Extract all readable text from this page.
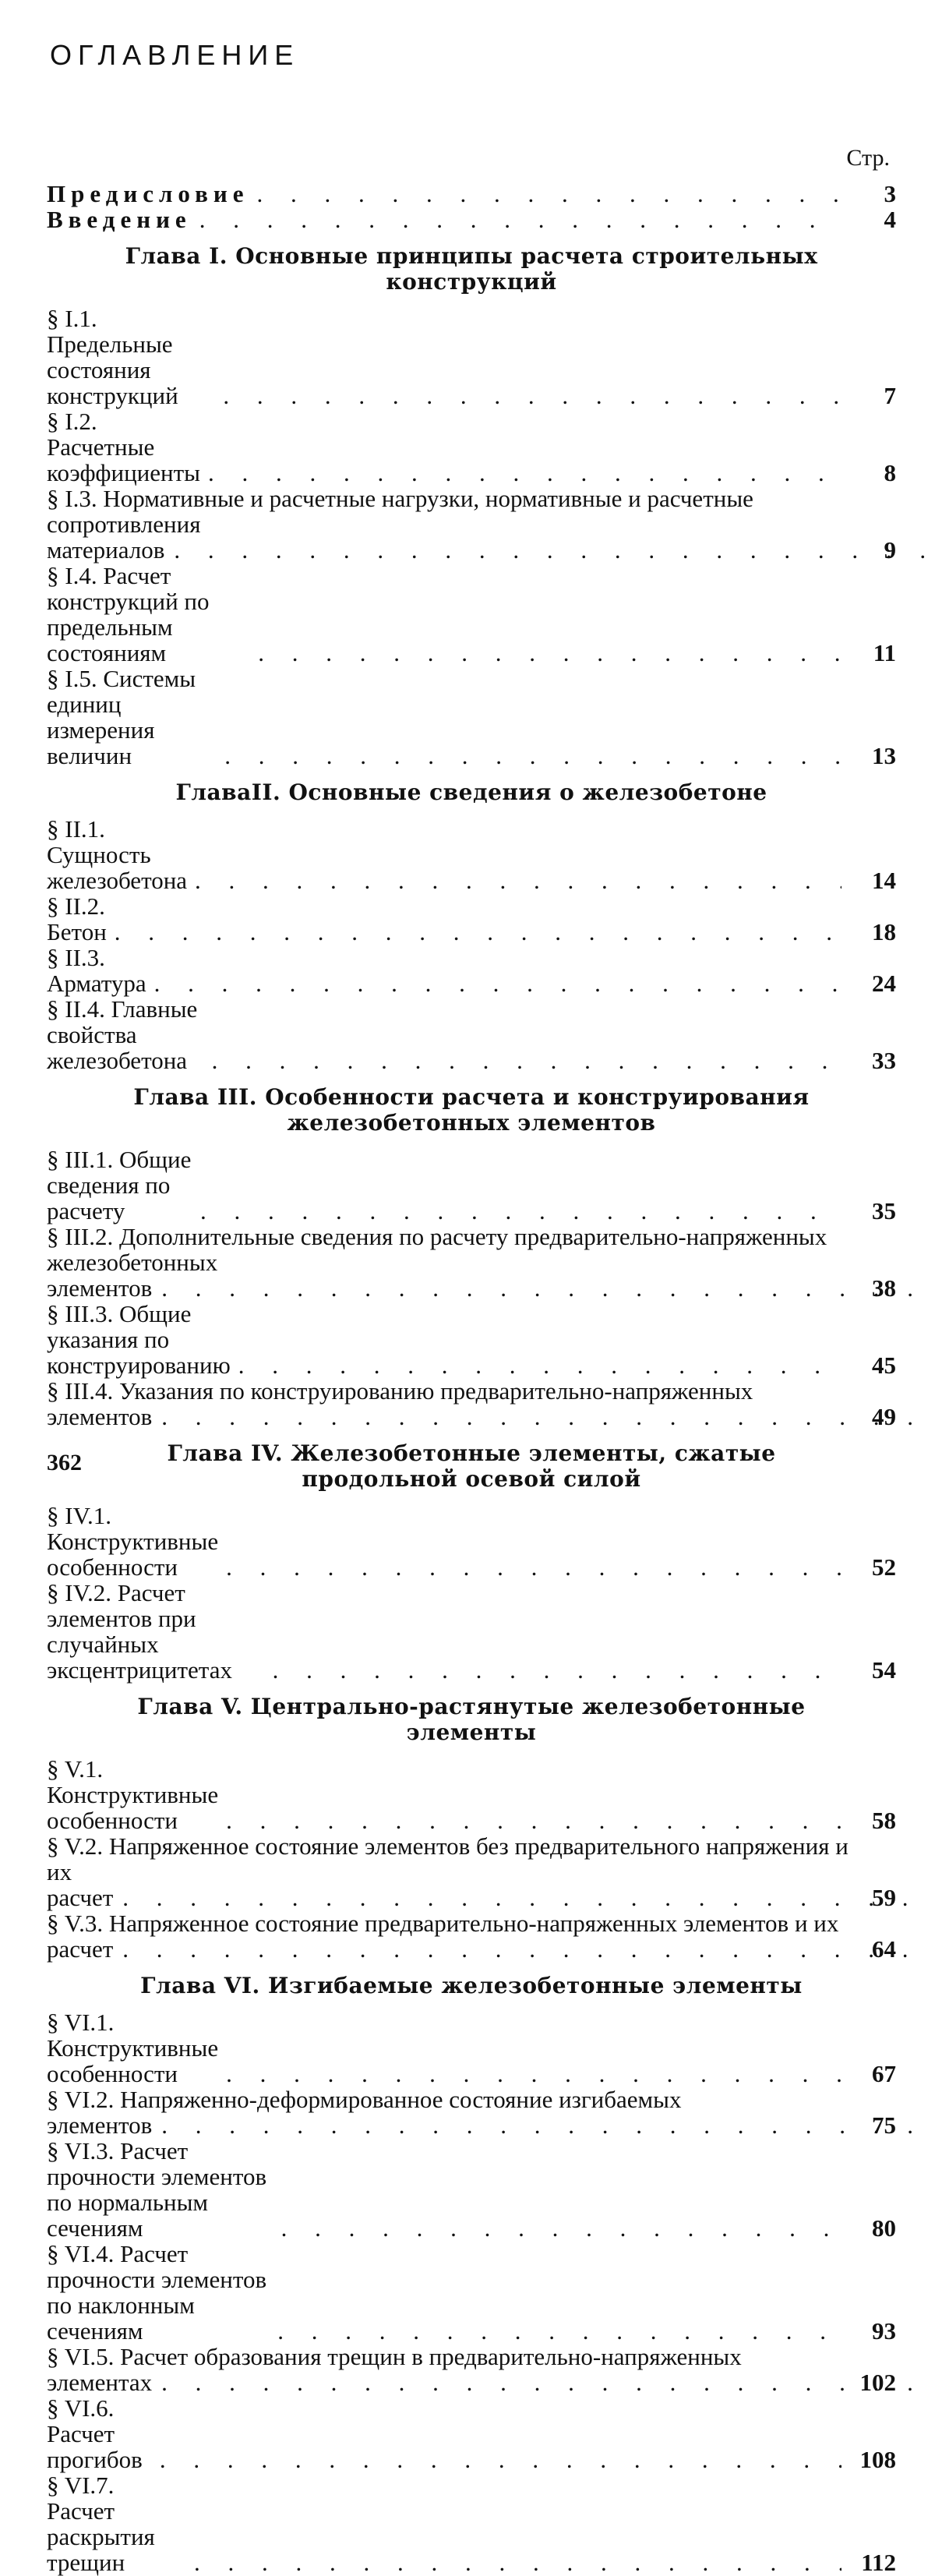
ОГЛАВЛЕНИЕ
Стр.
Предисловие . . .	3
Введение . . .	4
Глава I. Основные принципы расчета строительных конструкций
§ I.1. Предельные состояния конструкций . . .	7
§ I.2. Расчетные коэффициенты . . .	8
§ I.3. Нормативные и расчетные нагрузки, нормативные и расчетные сопротивления материалов . . .	9
§ I.4. Расчет конструкций по предельным состояниям . . .	11
§ I.5. Системы единиц измерения величин . . .	13
ГлаваII. Основные сведения о железобетоне
§ II.1. Сущность железобетона . . .	14
§ II.2. Бетон . . .	18
§ II.3. Арматура . . .	24
§ II.4. Главные свойства железобетона . . .	33
Глава III. Особенности расчета и конструирования железобетонных элементов
§ III.1. Общие сведения по расчету . . .	35
§ III.2. Дополнительные сведения по расчету предварительно-напряженных железобетонных элементов . . .	38
§ III.3. Общие указания по конструированию . . .	45
§ III.4. Указания по конструированию предварительно-напряженных элементов . . .	49
Глава IV. Железобетонные элементы, сжатые продольной осевой силой
§ IV.1. Конструктивные особенности . . .	52
§ IV.2. Расчет элементов при случайных эксцентрицитетах . . .	54
Глава V. Центрально-растянутые железобетонные элементы
§ V.1. Конструктивные особенности . . .	58
§ V.2. Напряженное состояние элементов без предварительного напряжения и их расчет . . .	59
§ V.3. Напряженное состояние предварительно-напряженных элементов и их расчет . . .	64
Глава VI. Изгибаемые железобетонные элементы
§ VI.1. Конструктивные особенности . . .	67
§ VI.2. Напряженно-деформированное состояние изгибаемых элементов . . .	75
§ VI.3. Расчет прочности элементов по нормальным сечениям . . .	80
§ VI.4. Расчет прочности элементов по наклонным сечениям . . .	93
§ VI.5. Расчет образования трещин в предварительно-напряженных элементах . . .	102
§ VI.6. Расчет прогибов . . .	108
§ VI.7. Расчет раскрытия трещин . . .	112
362
